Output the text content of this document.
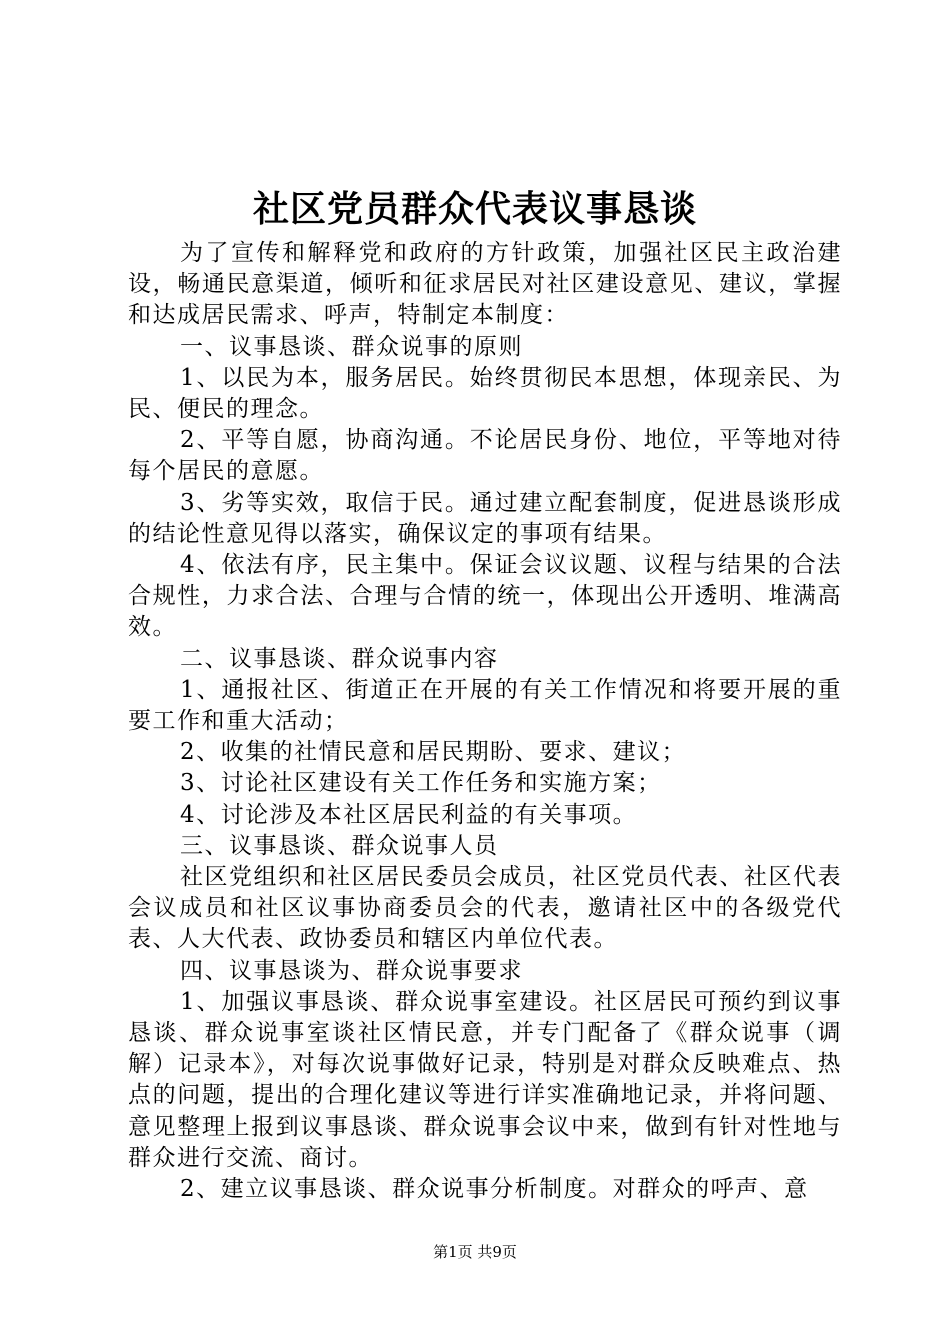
社区党员群众代表议事恳谈

为了宣传和解释党和政府的方针政策，加强社区民主政治建设，畅通民意渠道，倾听和征求居民对社区建设意见、建议，掌握和达成居民需求、呼声，特制定本制度：

一、议事恳谈、群众说事的原则

1、以民为本，服务居民。始终贯彻民本思想，体现亲民、为民、便民的理念。

2、平等自愿，协商沟通。不论居民身份、地位，平等地对待每个居民的意愿。

3、劣等实效，取信于民。通过建立配套制度，促进恳谈形成的结论性意见得以落实，确保议定的事项有结果。

4、依法有序，民主集中。保证会议议题、议程与结果的合法合规性，力求合法、合理与合情的统一，体现出公开透明、堆满高效。

二、议事恳谈、群众说事内容

1、通报社区、街道正在开展的有关工作情况和将要开展的重要工作和重大活动；

2、收集的社情民意和居民期盼、要求、建议；

3、讨论社区建设有关工作任务和实施方案；

4、讨论涉及本社区居民利益的有关事项。

三、议事恳谈、群众说事人员

社区党组织和社区居民委员会成员，社区党员代表、社区代表会议成员和社区议事协商委员会的代表，邀请社区中的各级党代表、人大代表、政协委员和辖区内单位代表。

四、议事恳谈为、群众说事要求

1、加强议事恳谈、群众说事室建设。社区居民可预约到议事恳谈、群众说事室谈社区情民意，并专门配备了《群众说事（调解）记录本》，对每次说事做好记录，特别是对群众反映难点、热点的问题，提出的合理化建议等进行详实准确地记录，并将问题、意见整理上报到议事恳谈、群众说事会议中来，做到有针对性地与群众进行交流、商讨。

2、建立议事恳谈、群众说事分析制度。对群众的呼声、意

第1页 共9页
